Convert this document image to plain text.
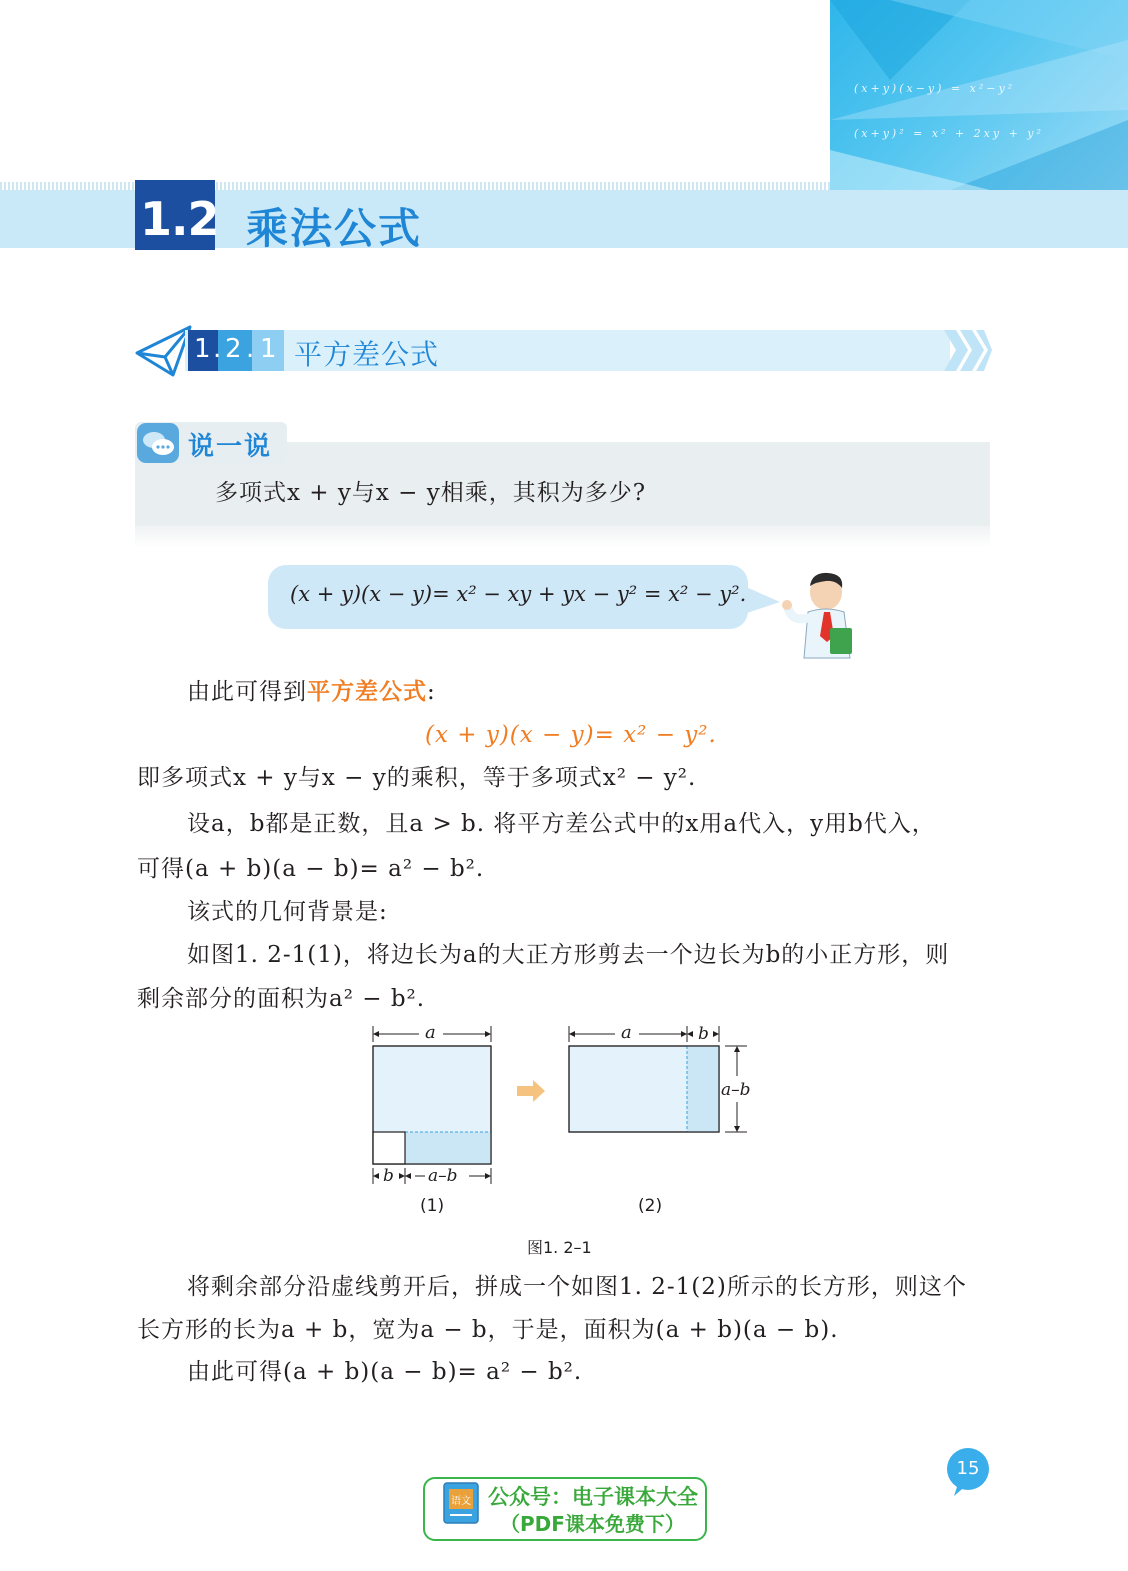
(x+y)(x−y) = x²−y²
(x+y)² = x² + 2xy + y²
1.2 乘法公式
1 . 2 . 1 平方差公式
说一说
多项式x + y与x − y相乘，其积为多少?
(x + y)(x − y)= x² − xy + yx − y² = x² − y².
由此可得到平方差公式:
(x + y)(x − y)= x² − y².
即多项式x + y与x − y的乘积，等于多项式x² − y².
设a，b都是正数，且a > b. 将平方差公式中的x用a代入，y用b代入，
可得(a + b)(a − b)= a² − b².
该式的几何背景是:
如图1. 2-1(1)，将边长为a的大正方形剪去一个边长为b的小正方形，则
剩余部分的面积为a² − b².
a
b a–b
(1)
a	b
a–b
(2)
图1. 2–1
将剩余部分沿虚线剪开后，拼成一个如图1. 2-1(2)所示的长方形，则这个
长方形的长为a + b，宽为a − b，于是，面积为(a + b)(a − b).
由此可得(a + b)(a − b)= a² − b².
15
语文 公众号：电子课本大全
（PDF课本免费下）
